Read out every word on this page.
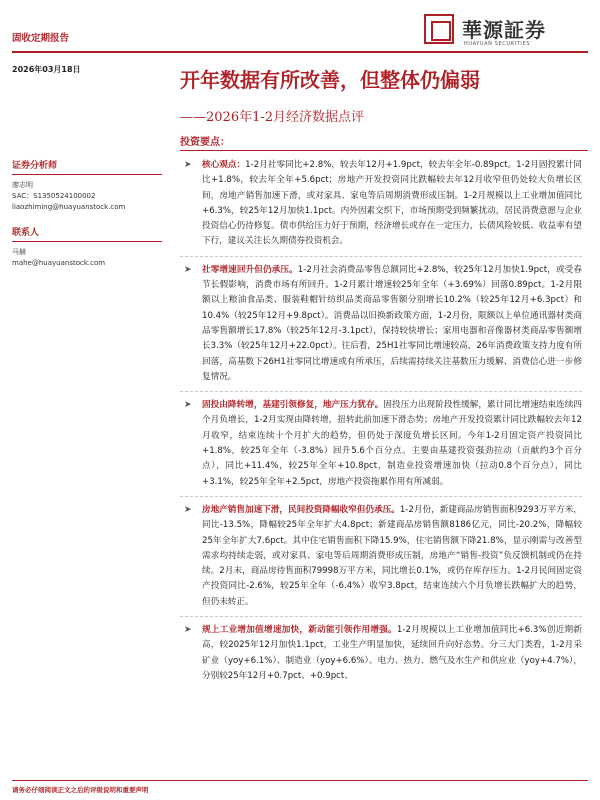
固收定期报告	華源証券
HUAYUAN SECURITIES
2026年03月18日	开年数据有所改善，但整体仍偏弱
——2026年1-2月经济数据点评
投资要点：
证券分析师
廖志明
SAC：S1350524100002
liaozhiming@huayuanstock.com
联系人
马赫
mahe@huayuanstock.com
➤ 核心观点：1-2月社零同比+2.8%，较去年12月+1.9pct，较去年全年-0.89pct。1-2月固投累计同比+1.8%，较去年全年+5.6pct；房地产开发投资同比跌幅较去年12月收窄但仍处较大负增长区间，房地产销售加速下滑，或对家具、家电等后周期消费形成压制。1-2月规模以上工业增加值同比+6.3%，较25年12月加快1.1pct。内外因素交织下，市场预期受到频繁扰动，居民消费意愿与企业投资信心仍待修复。债市供给压力好于预期，经济增长或存在一定压力，长债风险较低、收益率有望下行，建议关注长久期债券投资机会。
➤ 社零增速回升但仍承压。1-2月社会消费品零售总额同比+2.8%，较25年12月加快1.9pct，或受春节长假影响，消费市场有所回升。1-2月累计增速较25年全年（+3.69%）回落0.89pct。1-2月限额以上粮油食品类、服装鞋帽针纺织品类商品零售额分别增长10.2%（较25年12月+6.3pct）和10.4%（较25年12月+9.8pct）。消费品以旧换新政策方面，1-2月份，限额以上单位通讯器材类商品零售额增长17.8%（较25年12月-3.1pct），保持较快增长；家用电器和音像器材类商品零售额增长3.3%（较25年12月+22.0pct）。往后看，25H1社零同比增速较高，26年消费政策支持力度有所回落，高基数下26H1社零同比增速或有所承压，后续需持续关注基数压力缓解、消费信心进一步修复情况。
➤ 固投由降转增，基建引领修复，地产压力犹存。固投压力出现阶段性缓解，累计同比增速结束连续四个月负增长，1-2月实现由降转增，扭转此前加速下滑态势；房地产开发投资累计同比跌幅较去年12月收窄，结束连续十个月扩大的趋势，但仍处于深度负增长区间。今年1-2月固定资产投资同比+1.8%，较25年全年（-3.8%）回升5.6个百分点。主要由基建投资强劲拉动（贡献约3个百分点），同比+11.4%，较25年全年+10.8pct，制造业投资增速加快（拉动0.8个百分点），同比+3.1%，较25年全年+2.5pct，房地产投资拖累作用有所减弱。
➤ 房地产销售加速下滑，民间投资降幅收窄但仍承压。1-2月份，新建商品房销售面积9293万平方米，同比-13.5%，降幅较25年全年扩大4.8pct；新建商品房销售额8186亿元，同比-20.2%，降幅较25年全年扩大7.6pct。其中住宅销售面积下降15.9%，住宅销售额下降21.8%，显示刚需与改善型需求均持续走弱，或对家具、家电等后周期消费形成压制，房地产“销售-投资”负反馈机制或仍在持续。2月末，商品房待售面积79998万平方米，同比增长0.1%，或仍存库存压力。1-2月民间固定资产投资同比-2.6%，较25年全年（-6.4%）收窄3.8pct，结束连续六个月负增长跌幅扩大的趋势，但仍未转正。
➤ 规上工业增加值增速加快，新动能引领作用增强。1-2月规模以上工业增加值同比+6.3%创近期新高，较2025年12月加快1.1pct，工业生产明显加快，延续回升向好态势。分三大门类看，1-2月采矿业（yoy+6.1%）、制造业（yoy+6.6%）、电力、热力、燃气及水生产和供应业（yoy+4.7%），分别较25年12月+0.7pct、+0.9pct、
请务必仔细阅读正文之后的评级说明和重要声明
